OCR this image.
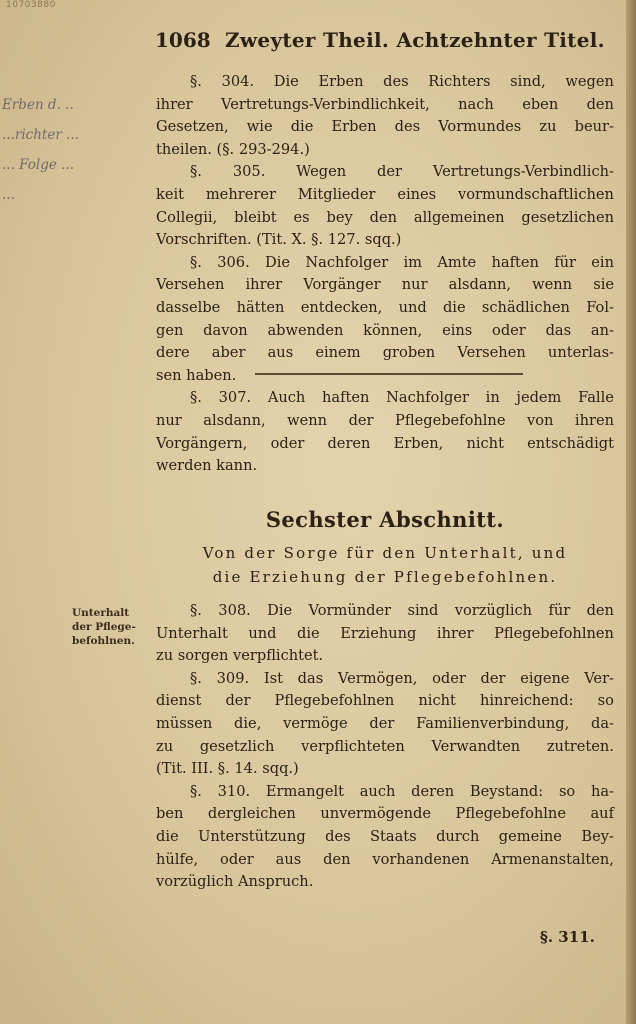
10703880
1068 Zweyter Theil. Achtzehnter Titel.
Erben d. ..
...richter ...
... Folge ...
...
§. 304. Die Erben des Richters sind, wegen
ihrer Vertretungs-Verbindlichkeit, nach eben den
Gesetzen, wie die Erben des Vormundes zu beur-
theilen. (§. 293-294.)
§. 305. Wegen der Vertretungs-Verbindlich-
keit mehrerer Mitglieder eines vormundschaftlichen
Collegii, bleibt es bey den allgemeinen gesetzlichen
Vorschriften. (Tit. X. §. 127. sqq.)
§. 306. Die Nachfolger im Amte haften für ein
Versehen ihrer Vorgänger nur alsdann, wenn sie
dasselbe hätten entdecken, und die schädlichen Fol-
gen davon abwenden können, eins oder das an-
dere aber aus einem groben Versehen unterlas-
sen haben.
§. 307. Auch haften Nachfolger in jedem Falle
nur alsdann, wenn der Pflegebefohlne von ihren
Vorgängern, oder deren Erben, nicht entschädigt
werden kann.
Sechster Abschnitt.
Von der Sorge für den Unterhalt, und
die Erziehung der Pflegebefohlnen.
Unterhalt
der Pflege-
befohlnen.
§. 308. Die Vormünder sind vorzüglich für den
Unterhalt und die Erziehung ihrer Pflegebefohlnen
zu sorgen verpflichtet.
§. 309. Ist das Vermögen, oder der eigene Ver-
dienst der Pflegebefohlnen nicht hinreichend: so
müssen die, vermöge der Familienverbindung, da-
zu gesetzlich verpflichteten Verwandten zutreten.
(Tit. III. §. 14. sqq.)
§. 310. Ermangelt auch deren Beystand: so ha-
ben dergleichen unvermögende Pflegebefohlne auf
die Unterstützung des Staats durch gemeine Bey-
hülfe, oder aus den vorhandenen Armenanstalten,
vorzüglich Anspruch.
§. 311.
